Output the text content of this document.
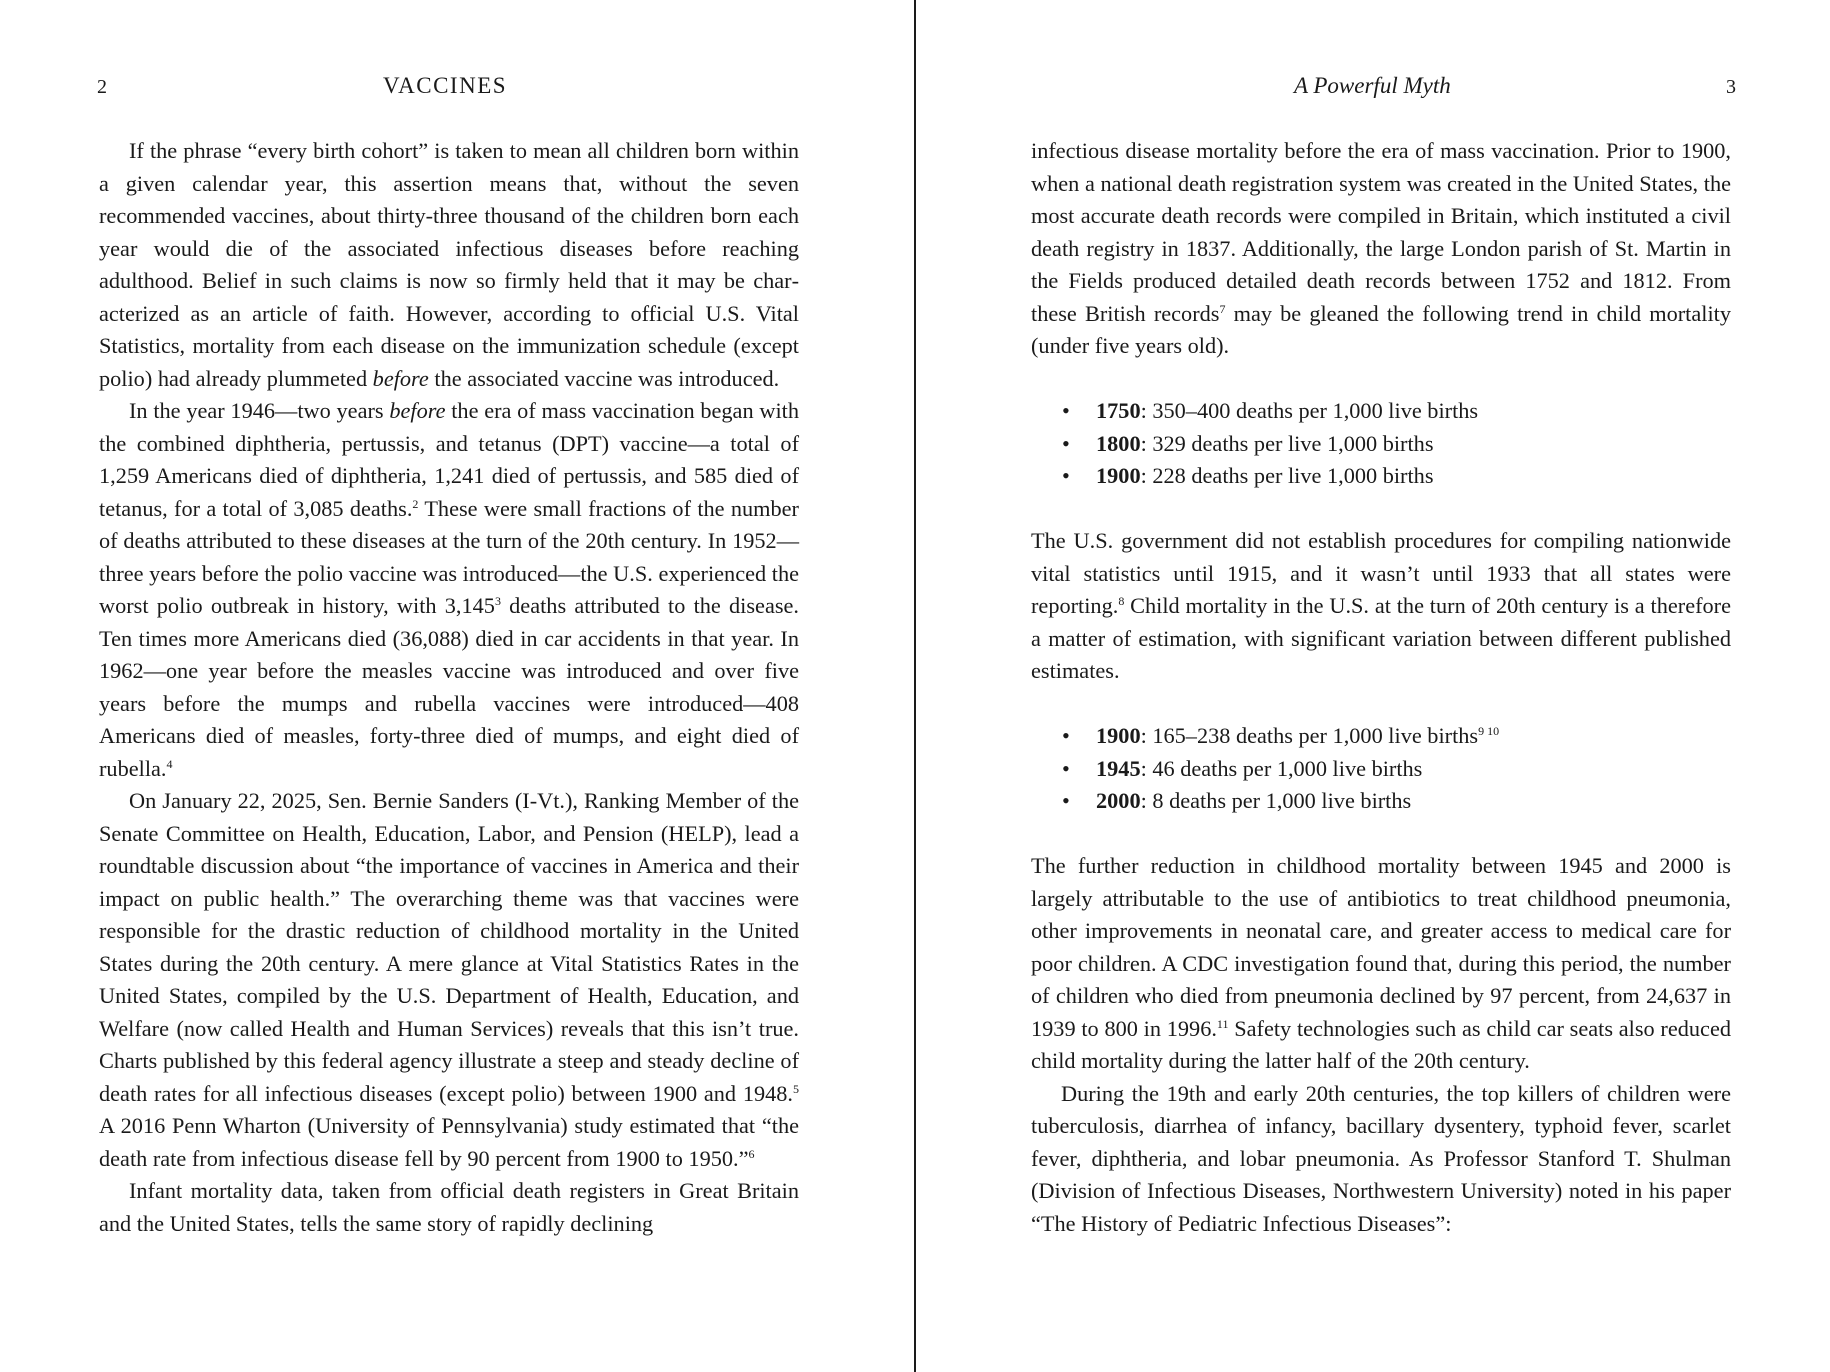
2	VACCINES

If the phrase “every birth cohort” is taken to mean all children born within a given calendar year, this assertion means that, without the seven recommended vaccines, about thirty-three thousand of the children born each year would die of the associated infectious diseases before reaching adulthood. Belief in such claims is now so firmly held that it may be characterized as an article of faith. However, according to official U.S. Vital Statistics, mortality from each disease on the immunization schedule (except polio) had already plummeted before the associated vaccine was introduced.

In the year 1946—two years before the era of mass vaccination began with the combined diphtheria, pertussis, and tetanus (DPT) vaccine—a total of 1,259 Americans died of diphtheria, 1,241 died of pertussis, and 585 died of tetanus, for a total of 3,085 deaths.$^2$ These were small fractions of the number of deaths attributed to these diseases at the turn of the 20th century. In 1952—three years before the polio vaccine was introduced—the U.S. experienced the worst polio outbreak in history, with 3,145$^3$ deaths attributed to the disease. Ten times more Americans died (36,088) died in car accidents in that year. In 1962—one year before the measles vaccine was introduced and over five years before the mumps and rubella vaccines were introduced—408 Americans died of measles, forty-three died of mumps, and eight died of rubella.$^4$

On January 22, 2025, Sen. Bernie Sanders (I-Vt.), Ranking Member of the Senate Committee on Health, Education, Labor, and Pension (HELP), lead a roundtable discussion about “the importance of vaccines in America and their impact on public health.” The overarching theme was that vaccines were responsible for the drastic reduction of childhood mortality in the United States during the 20th century. A mere glance at Vital Statistics Rates in the United States, compiled by the U.S. Department of Health, Education, and Welfare (now called Health and Human Services) reveals that this isn’t true. Charts published by this federal agency illustrate a steep and steady decline of death rates for all infectious diseases (except polio) between 1900 and 1948.$^5$ A 2016 Penn Wharton (University of Pennsylvania) study estimated that “the death rate from infectious disease fell by 90 percent from 1900 to 1950.”$^6$

Infant mortality data, taken from official death registers in Great Britain and the United States, tells the same story of rapidly declining

A Powerful Myth	3

infectious disease mortality before the era of mass vaccination. Prior to 1900, when a national death registration system was created in the United States, the most accurate death records were compiled in Britain, which instituted a civil death registry in 1837. Additionally, the large London parish of St. Martin in the Fields produced detailed death records between 1752 and 1812. From these British records$^7$ may be gleaned the following trend in child mortality (under five years old).

• 1750: 350–400 deaths per 1,000 live births
• 1800: 329 deaths per live 1,000 births
• 1900: 228 deaths per live 1,000 births

The U.S. government did not establish procedures for compiling nationwide vital statistics until 1915, and it wasn’t until 1933 that all states were reporting.$^8$ Child mortality in the U.S. at the turn of 20th century is a therefore a matter of estimation, with significant variation between different published estimates.

• 1900: 165–238 deaths per 1,000 live births$^{9 10}$
• 1945: 46 deaths per 1,000 live births
• 2000: 8 deaths per 1,000 live births

The further reduction in childhood mortality between 1945 and 2000 is largely attributable to the use of antibiotics to treat childhood pneumonia, other improvements in neonatal care, and greater access to medical care for poor children. A CDC investigation found that, during this period, the number of children who died from pneumonia declined by 97 percent, from 24,637 in 1939 to 800 in 1996.11 Safety technologies such as child car seats also reduced child mortality during the latter half of the 20th century.

During the 19th and early 20th centuries, the top killers of children were tuberculosis, diarrhea of infancy, bacillary dysentery, typhoid fever, scarlet fever, diphtheria, and lobar pneumonia. As Professor Stanford T. Shulman (Division of Infectious Diseases, Northwestern University) noted in his paper “The History of Pediatric Infectious Diseases”:
